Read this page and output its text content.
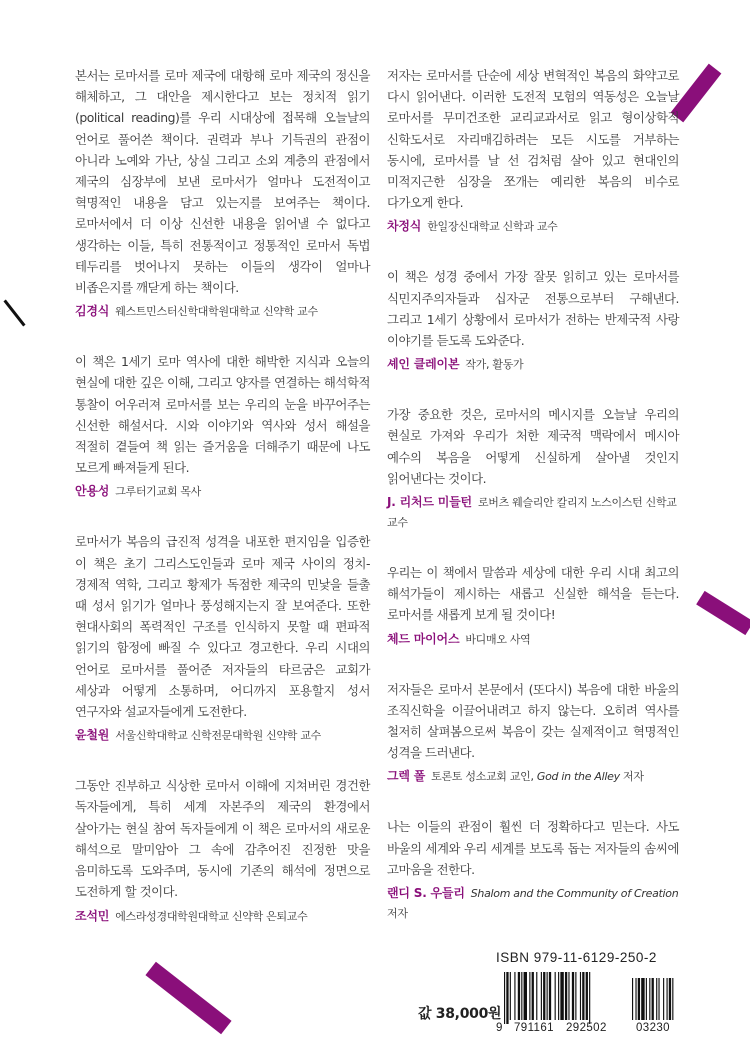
본서는 로마서를 로마 제국에 대항해 로마 제국의 정신을 해체하고, 그 대안을 제시한다고 보는 정치적 읽기(political reading)를 우리 시대상에 접목해 오늘날의 언어로 풀어쓴 책이다. 권력과 부나 기득권의 관점이 아니라 노예와 가난, 상실 그리고 소외 계층의 관점에서 제국의 심장부에 보낸 로마서가 얼마나 도전적이고 혁명적인 내용을 담고 있는지를 보여주는 책이다. 로마서에서 더 이상 신선한 내용을 읽어낼 수 없다고 생각하는 이들, 특히 전통적이고 정통적인 로마서 독법 테두리를 벗어나지 못하는 이들의 생각이 얼마나 비좁은지를 깨닫게 하는 책이다.

김경식 웨스트민스터신학대학원대학교 신약학 교수

이 책은 1세기 로마 역사에 대한 해박한 지식과 오늘의 현실에 대한 깊은 이해, 그리고 양자를 연결하는 해석학적 통찰이 어우러져 로마서를 보는 우리의 눈을 바꾸어주는 신선한 해설서다. 시와 이야기와 역사와 성서 해설을 적절히 곁들여 책 읽는 즐거움을 더해주기 때문에 나도 모르게 빠져들게 된다.

안용성 그루터기교회 목사

로마서가 복음의 급진적 성격을 내포한 편지임을 입증한 이 책은 초기 그리스도인들과 로마 제국 사이의 정치-경제적 역학, 그리고 황제가 독점한 제국의 민낯을 들출 때 성서 읽기가 얼마나 풍성해지는지 잘 보여준다. 또한 현대사회의 폭력적인 구조를 인식하지 못할 때 편파적 읽기의 함정에 빠질 수 있다고 경고한다. 우리 시대의 언어로 로마서를 풀어준 저자들의 타르굼은 교회가 세상과 어떻게 소통하며, 어디까지 포용할지 성서 연구자와 설교자들에게 도전한다.

윤철원 서울신학대학교 신학전문대학원 신약학 교수

그동안 진부하고 식상한 로마서 이해에 지쳐버린 경건한 독자들에게, 특히 세계 자본주의 제국의 환경에서 살아가는 현실 참여 독자들에게 이 책은 로마서의 새로운 해석으로 말미암아 그 속에 감추어진 진정한 맛을 음미하도록 도와주며, 동시에 기존의 해석에 정면으로 도전하게 할 것이다.

조석민 에스라성경대학원대학교 신약학 은퇴교수

저자는 로마서를 단순에 세상 변혁적인 복음의 화약고로 다시 읽어낸다. 이러한 도전적 모험의 역동성은 오늘날 로마서를 무미건조한 교리교과서로 읽고 형이상학적 신학도서로 자리매김하려는 모든 시도를 거부하는 동시에, 로마서를 날 선 검처럼 살아 있고 현대인의 미적지근한 심장을 쪼개는 예리한 복음의 비수로 다가오게 한다.

차정식 한일장신대학교 신학과 교수

이 책은 성경 중에서 가장 잘못 읽히고 있는 로마서를 식민지주의자들과 십자군 전통으로부터 구해낸다. 그리고 1세기 상황에서 로마서가 전하는 반제국적 사랑 이야기를 듣도록 도와준다.

셰인 클레이본 작가, 활동가

가장 중요한 것은, 로마서의 메시지를 오늘날 우리의 현실로 가져와 우리가 처한 제국적 맥락에서 메시아 예수의 복음을 어떻게 신실하게 살아낼 것인지 읽어낸다는 것이다.

J. 리처드 미들턴 로버츠 웨슬리안 칼리지 노스이스턴 신학교 교수

우리는 이 책에서 말씀과 세상에 대한 우리 시대 최고의 해석가들이 제시하는 새롭고 신실한 해석을 듣는다. 로마서를 새롭게 보게 될 것이다!

체드 마이어스 바디매오 사역

저자들은 로마서 본문에서 (또다시) 복음에 대한 바울의 조직신학을 이끌어내려고 하지 않는다. 오히려 역사를 철저히 살펴봄으로써 복음이 갖는 실제적이고 혁명적인 성격을 드러낸다.

그렉 폴 토론토 성소교회 교인, God in the Alley 저자

나는 이들의 관점이 훨씬 더 정확하다고 믿는다. 사도 바울의 세계와 우리 세계를 보도록 돕는 저자들의 솜씨에 고마움을 전한다.

랜디 S. 우들리 Shalom and the Community of Creation 저자
ISBN 979-11-6129-250-2
값 38,000원
9 791161 292502	03230
